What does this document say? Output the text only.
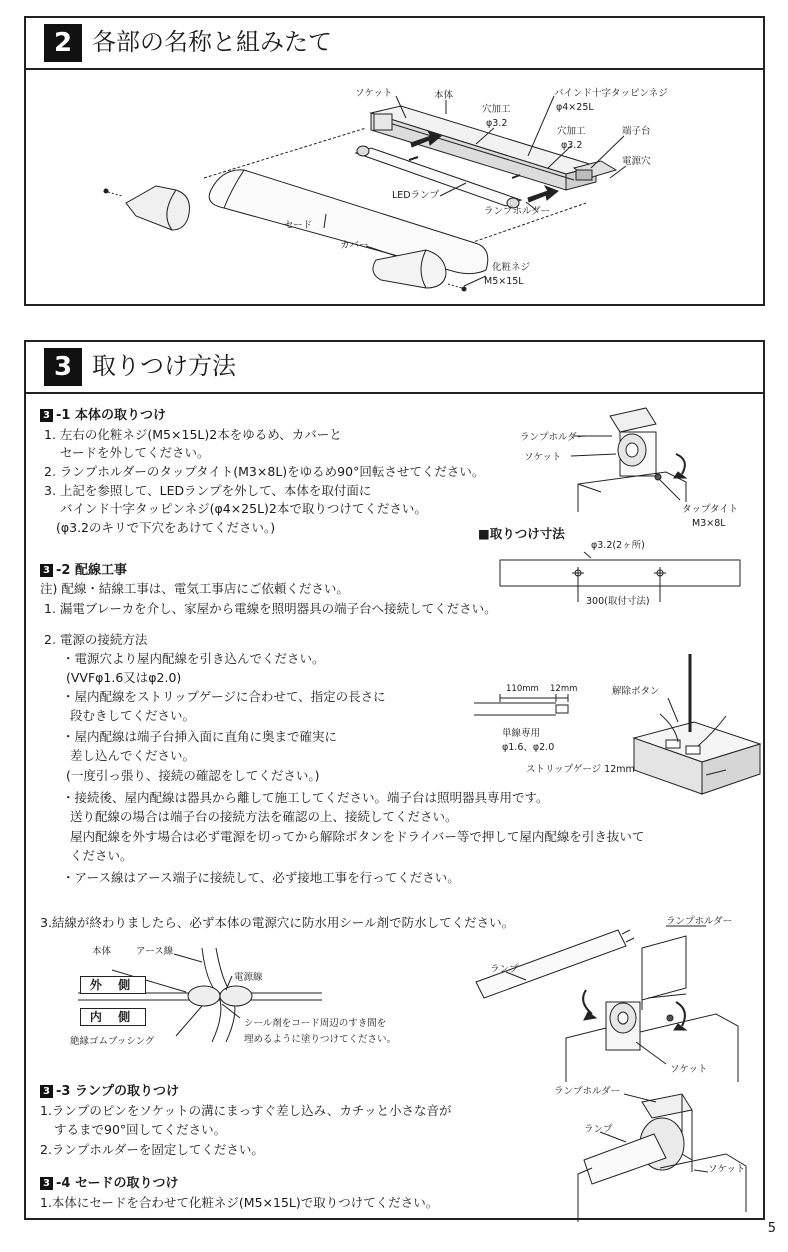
2 各部の名称と組みたて
ソケット	本体
穴加工
φ3.2
バインド十字タッピンネジ
φ4×25L
穴加工
φ3.2
端子台
電源穴
LEDランプ
ランプホルダー
セード
カバー
化粧ネジ
M5×15L
3 取りつけ方法
3 -1 本体の取りつけ
1. 左右の化粧ネジ(M5×15L)2本をゆるめ、カバーと
セードを外してください。
2. ランプホルダーのタップタイト(M3×8L)をゆるめ90°回転させてください。
3. 上記を参照して、LEDランプを外して、本体を取付面に
バインド十字タッピンネジ(φ4×25L)2本で取りつけてください。
(φ3.2のキリで下穴をあけてください。)
ランプホルダー
ソケット
タップタイト
M3×8L
■取りつけ寸法
φ3.2(2ヶ所)
300(取付寸法)
3 -2 配線工事
注) 配線・結線工事は、電気工事店にご依頼ください。
1. 漏電ブレーカを介し、家屋から電線を照明器具の端子台へ接続してください。
2. 電源の接続方法
・電源穴より屋内配線を引き込んでください。
(VVFφ1.6又はφ2.0)
・屋内配線をストリップゲージに合わせて、指定の長さに
段むきしてください。
・屋内配線は端子台挿入面に直角に奥まで確実に
差し込んでください。
(一度引っ張り、接続の確認をしてください。)
・接続後、屋内配線は器具から離して施工してください。端子台は照明器具専用です。
送り配線の場合は端子台の接続方法を確認の上、接続してください。
屋内配線を外す場合は必ず電源を切ってから解除ボタンをドライバー等で押して屋内配線を引き抜いて
ください。
・アース線はアース端子に接続して、必ず接地工事を行ってください。
110mm 12mm
単線専用
φ1.6、φ2.0
解除ボタン
ストリップゲージ 12mm
3.結線が終わりましたら、必ず本体の電源穴に防水用シール剤で防水してください。
本体	アース線
電源線
外 側
内 側
絶縁ゴムブッシング
シール剤をコード周辺のすき間を
埋めるように塗りつけてください。
ランプホルダー
ランプ
ソケット
3 -3 ランプの取りつけ
1.ランプのピンをソケットの溝にまっすぐ差し込み、カチッと小さな音が
するまで90°回してください。
2.ランプホルダーを固定してください。
ランプホルダー
ランプ
ソケット
3 -4 セードの取りつけ
1.本体にセードを合わせて化粧ネジ(M5×15L)で取りつけてください。
5
